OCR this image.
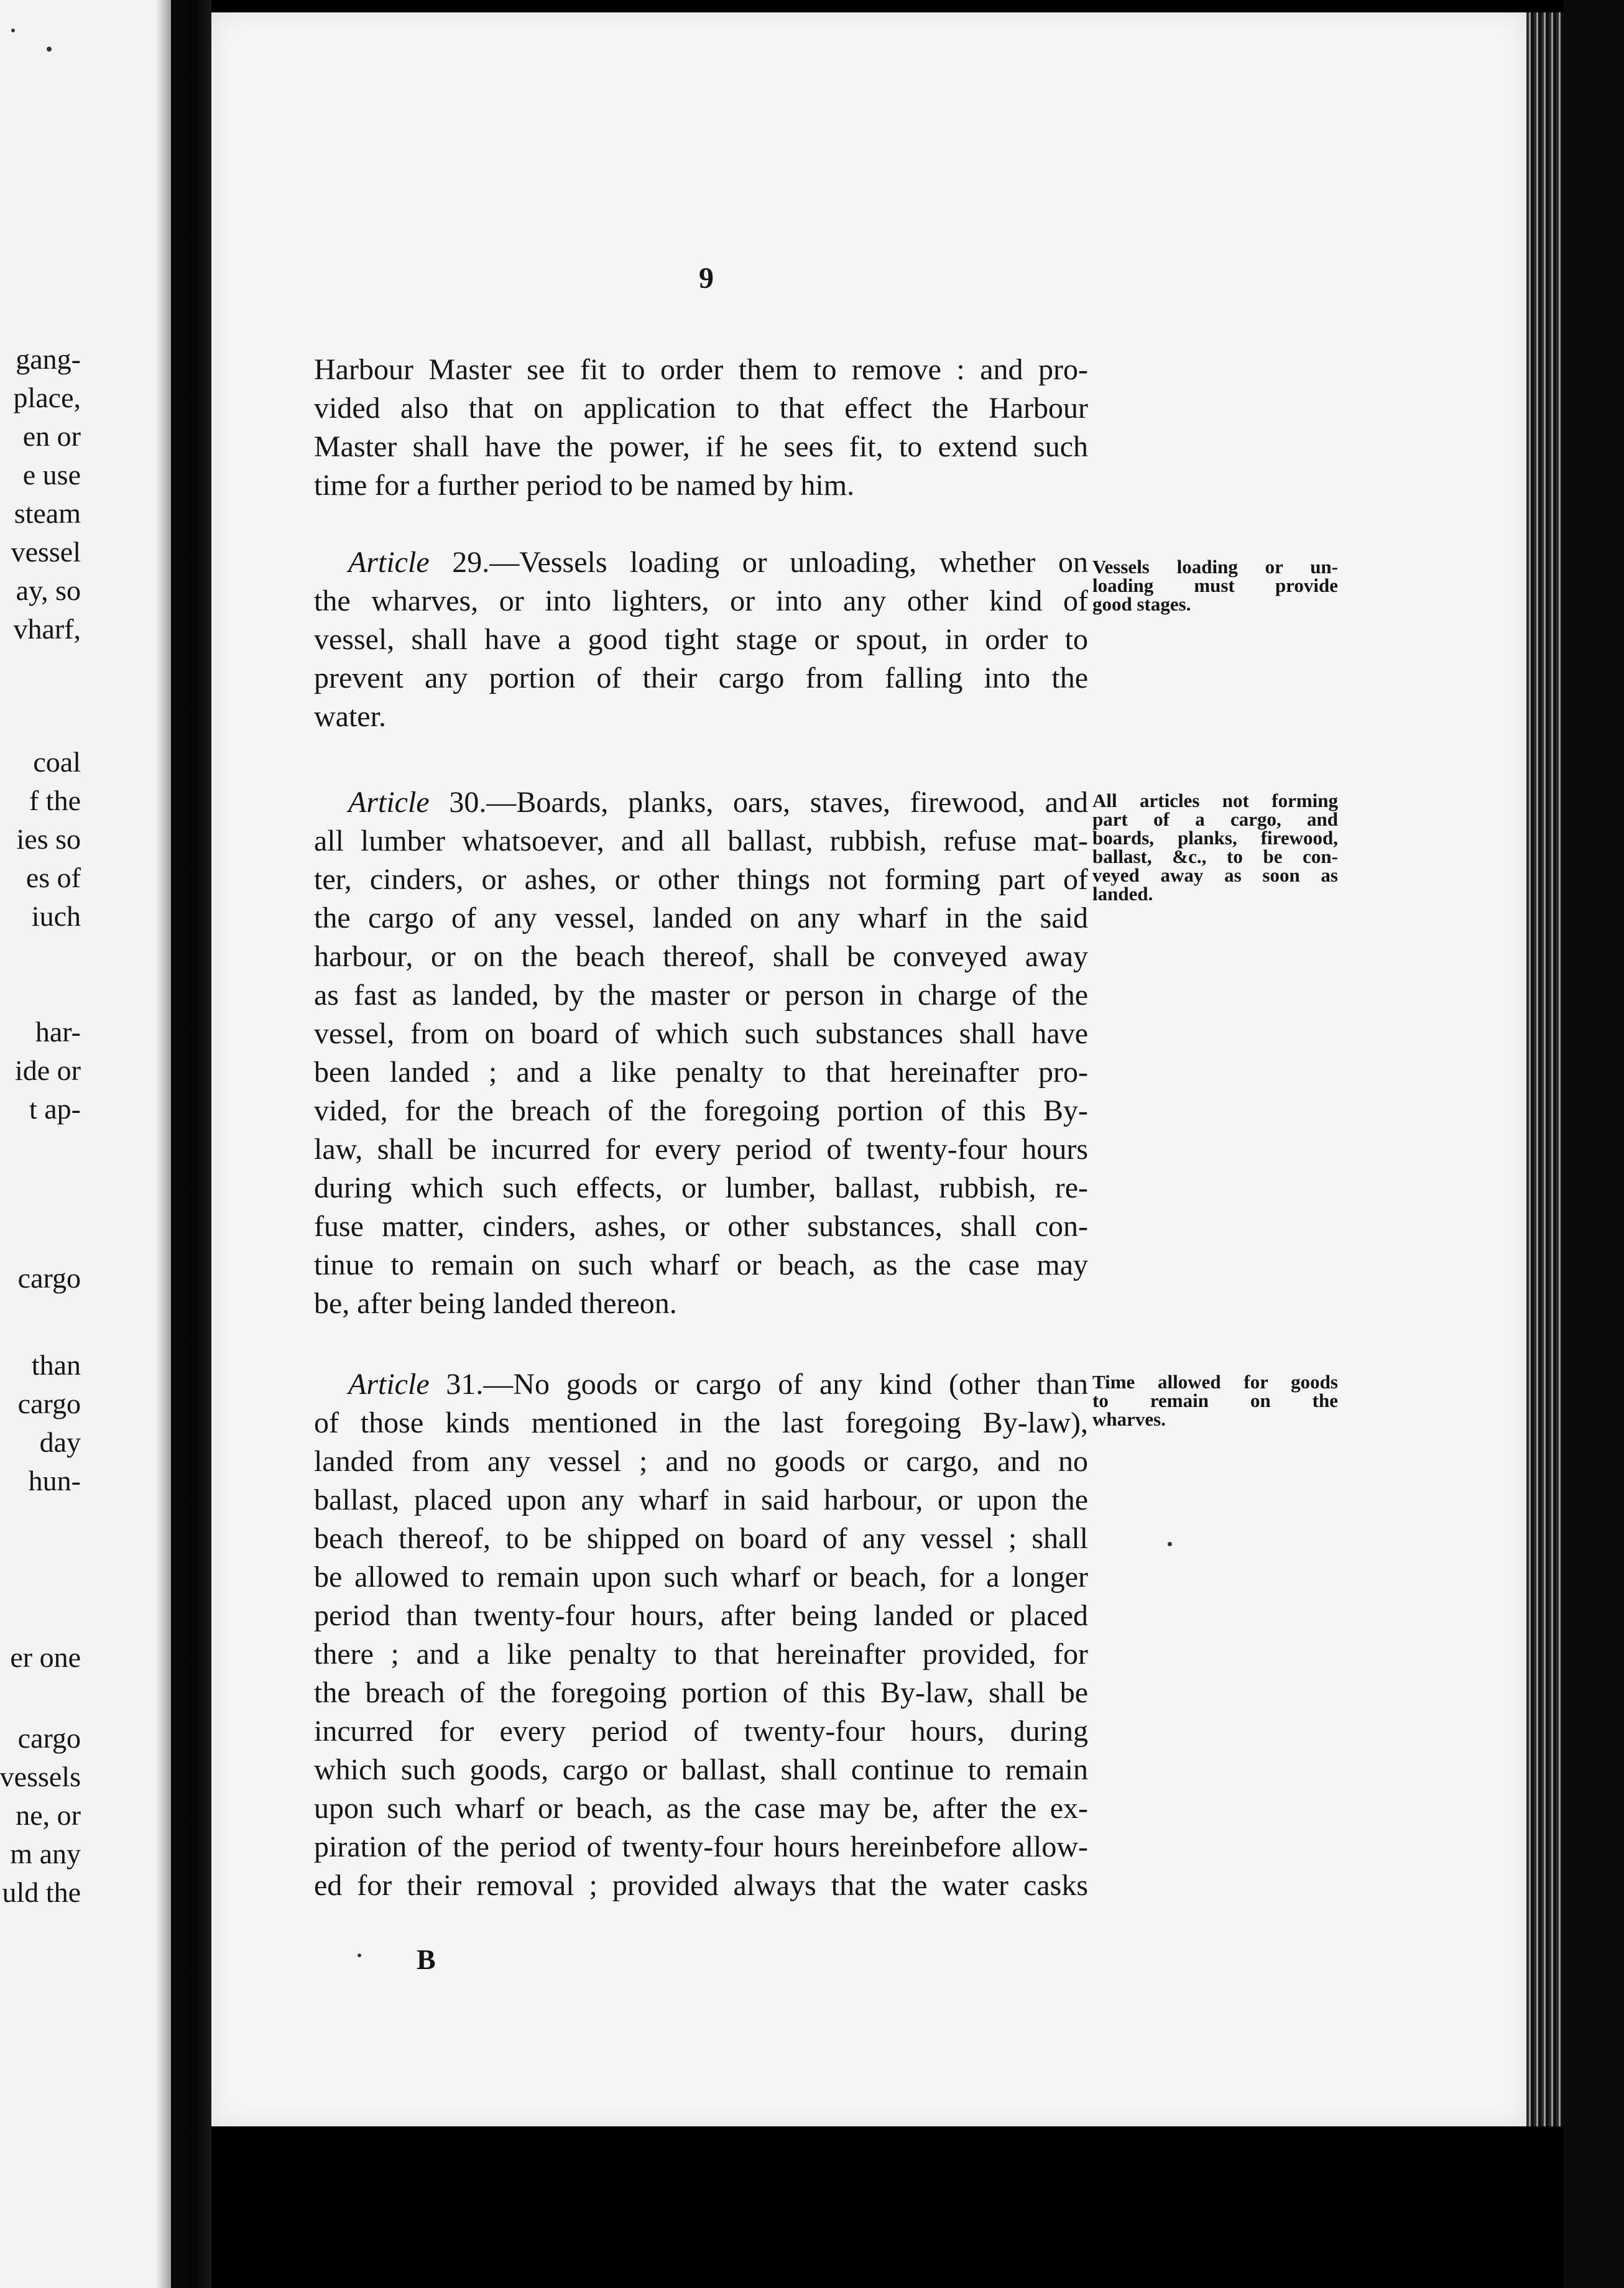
gang-
place,
en or
e use
steam
vessel
ay, so
vharf,
coal
f the
ies so
es of
iuch
har-
ide or
t ap-
cargo
than
cargo
day
hun-
er one
cargo
vessels
ne, or
m any
uld the
9
Harbour Master see fit to order them to remove : and pro-
vided also that on application to that effect the Harbour
Master shall have the power, if he sees fit, to extend such
time for a further period to be named by him.
Article 29.—Vessels loading or unloading, whether on
the wharves, or into lighters, or into any other kind of
vessel, shall have a good tight stage or spout, in order to
prevent any portion of their cargo from falling into the
water.
Vessels loading or un-
loading must provide
good stages.
Article 30.—Boards, planks, oars, staves, firewood, and
all lumber whatsoever, and all ballast, rubbish, refuse mat-
ter, cinders, or ashes, or other things not forming part of
the cargo of any vessel, landed on any wharf in the said
harbour, or on the beach thereof, shall be conveyed away
as fast as landed, by the master or person in charge of the
vessel, from on board of which such substances shall have
been landed ; and a like penalty to that hereinafter pro-
vided, for the breach of the foregoing portion of this By-
law, shall be incurred for every period of twenty-four hours
during which such effects, or lumber, ballast, rubbish, re-
fuse matter, cinders, ashes, or other substances, shall con-
tinue to remain on such wharf or beach, as the case may
be, after being landed thereon.
All articles not forming
part of a cargo, and
boards, planks, firewood,
ballast, &c., to be con-
veyed away as soon as
landed.
Article 31.—No goods or cargo of any kind (other than
of those kinds mentioned in the last foregoing By-law),
landed from any vessel ; and no goods or cargo, and no
ballast, placed upon any wharf in said harbour, or upon the
beach thereof, to be shipped on board of any vessel ; shall
be allowed to remain upon such wharf or beach, for a longer
period than twenty-four hours, after being landed or placed
there ; and a like penalty to that hereinafter provided, for
the breach of the foregoing portion of this By-law, shall be
incurred for every period of twenty-four hours, during
which such goods, cargo or ballast, shall continue to remain
upon such wharf or beach, as the case may be, after the ex-
piration of the period of twenty-four hours hereinbefore allow-
ed for their removal ; provided always that the water casks
Time allowed for goods
to remain on the
wharves.
B
